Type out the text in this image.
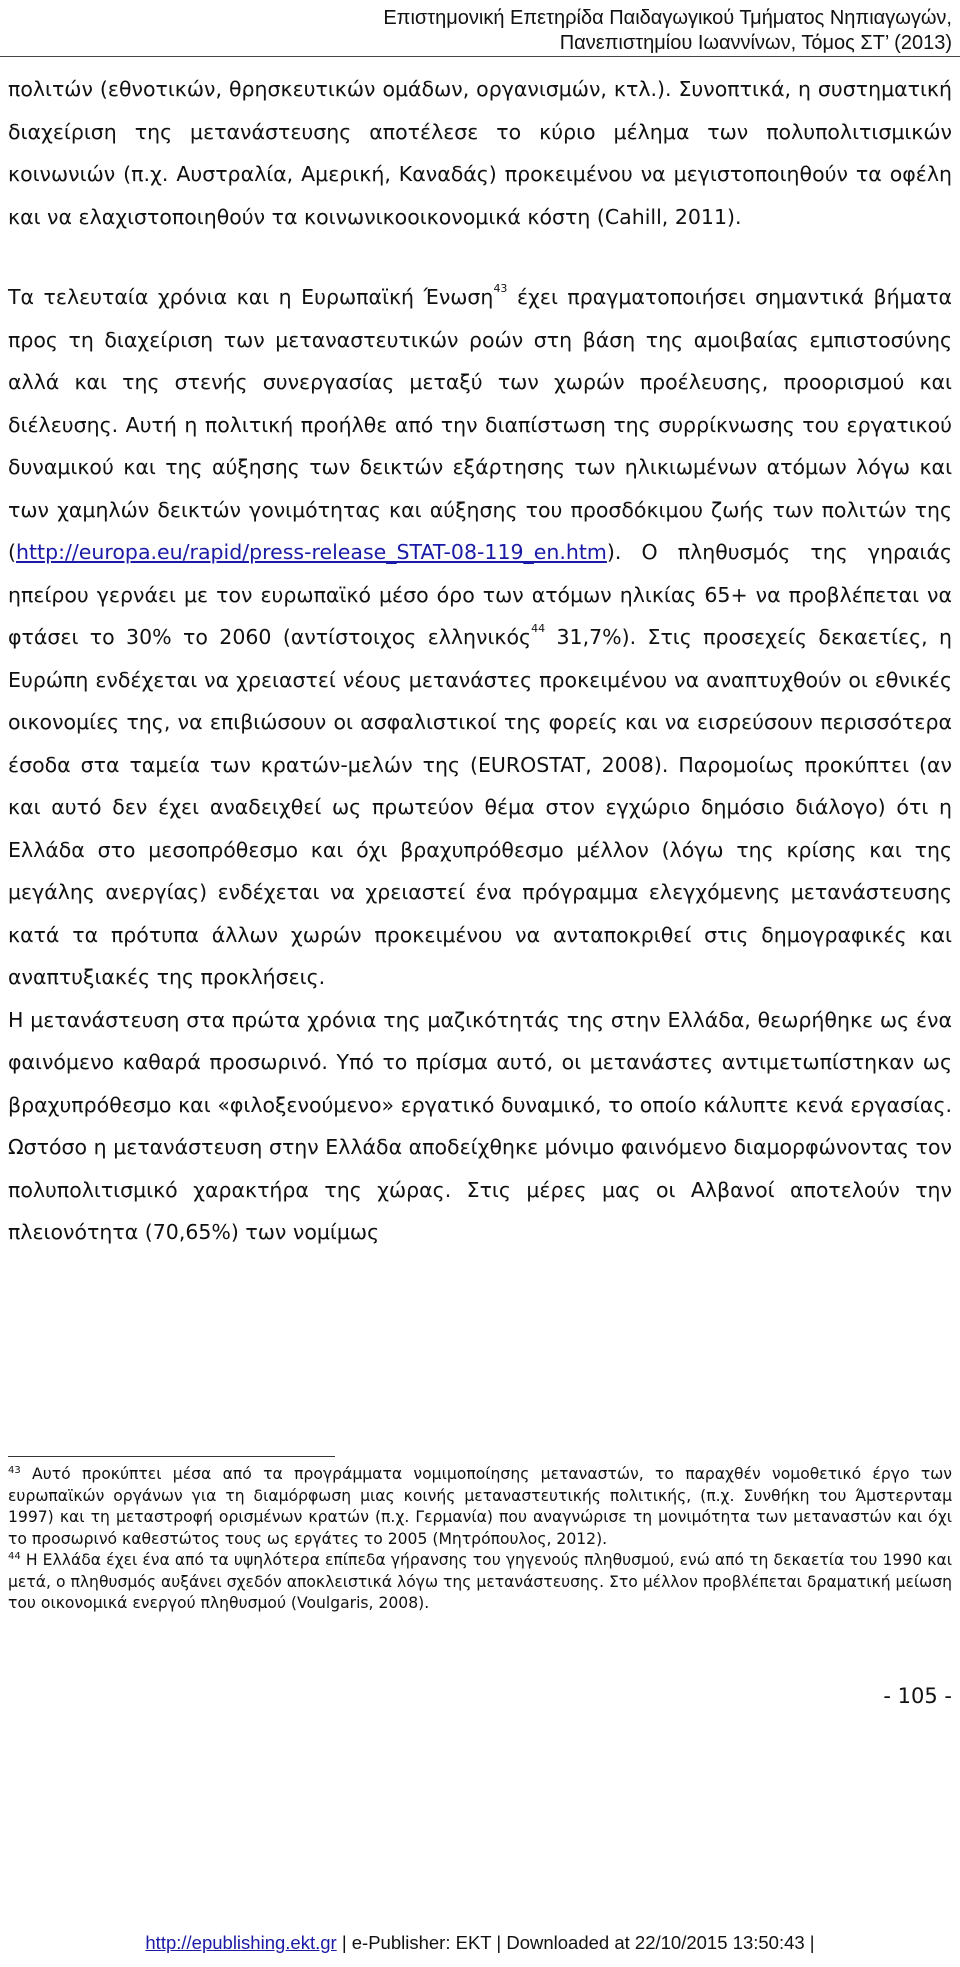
Επιστημονική Επετηρίδα Παιδαγωγικού Τμήματος Νηπιαγωγών,
Πανεπιστημίου Ιωαννίνων, Τόμος ΣΤ’ (2013)

πολιτών (εθνοτικών, θρησκευτικών ομάδων, οργανισμών, κτλ.). Συνοπτικά, η συστηματική διαχείριση της μετανάστευσης αποτέλεσε το κύριο μέλημα των πολυπολιτισμικών κοινωνιών (π.χ. Αυστραλία, Αμερική, Καναδάς) προκειμένου να μεγιστοποιηθούν τα οφέλη και να ελαχιστοποιηθούν τα κοινωνικοοικονομικά κόστη (Cahill, 2011).

Τα τελευταία χρόνια και η Ευρωπαϊκή Ένωση$^{43}$ έχει πραγματοποιήσει σημαντικά βήματα προς τη διαχείριση των μεταναστευτικών ροών στη βάση της αμοιβαίας εμπιστοσύνης αλλά και της στενής συνεργασίας μεταξύ των χωρών προέλευσης, προορισμού και διέλευσης. Αυτή η πολιτική προήλθε από την διαπίστωση της συρρίκνωσης του εργατικού δυναμικού και της αύξησης των δεικτών εξάρτησης των ηλικιωμένων ατόμων λόγω και των χαμηλών δεικτών γονιμότητας και αύξησης του προσδόκιμου ζωής των πολιτών της (http://europa.eu/rapid/press-release_STAT-08-119_en.htm). Ο πληθυσμός της γηραιάς ηπείρου γερνάει με τον ευρωπαϊκό μέσο όρο των ατόμων ηλικίας 65+ να προβλέπεται να φτάσει το 30% το 2060 (αντίστοιχος ελληνικός$^{44}$ 31,7%). Στις προσεχείς δεκαετίες, η Ευρώπη ενδέχεται να χρειαστεί νέους μετανάστες προκειμένου να αναπτυχθούν οι εθνικές οικονομίες της, να επιβιώσουν οι ασφαλιστικοί της φορείς και να εισρεύσουν περισσότερα έσοδα στα ταμεία των κρατών-μελών της (EUROSTAT, 2008). Παρομοίως προκύπτει (αν και αυτό δεν έχει αναδειχθεί ως πρωτεύον θέμα στον εγχώριο δημόσιο διάλογο) ότι η Ελλάδα στο μεσοπρόθεσμο και όχι βραχυπρόθεσμο μέλλον (λόγω της κρίσης και της μεγάλης ανεργίας) ενδέχεται να χρειαστεί ένα πρόγραμμα ελεγχόμενης μετανάστευσης κατά τα πρότυπα άλλων χωρών προκειμένου να ανταποκριθεί στις δημογραφικές και αναπτυξιακές της προκλήσεις.

Η μετανάστευση στα πρώτα χρόνια της μαζικότητάς της στην Ελλάδα, θεωρήθηκε ως ένα φαινόμενο καθαρά προσωρινό. Υπό το πρίσμα αυτό, οι μετανάστες αντιμετωπίστηκαν ως βραχυπρόθεσμο και «φιλοξενούμενο» εργατικό δυναμικό, το οποίο κάλυπτε κενά εργασίας. Ωστόσο η μετανάστευση στην Ελλάδα αποδείχθηκε μόνιμο φαινόμενο διαμορφώνοντας τον πολυπολιτισμικό χαρακτήρα της χώρας. Στις μέρες μας οι Αλβανοί αποτελούν την πλειονότητα (70,65%) των νομίμως

$^{43}$ Αυτό προκύπτει μέσα από τα προγράμματα νομιμοποίησης μεταναστών, το παραχθέν νομοθετικό έργο των ευρωπαϊκών οργάνων για τη διαμόρφωση μιας κοινής μεταναστευτικής πολιτικής, (π.χ. Συνθήκη του Άμστερνταμ 1997) και τη μεταστροφή ορισμένων κρατών (π.χ. Γερμανία) που αναγνώρισε τη μονιμότητα των μεταναστών και όχι το προσωρινό καθεστώτος τους ως εργάτες το 2005 (Μητρόπουλος, 2012).

$^{44}$ Η Ελλάδα έχει ένα από τα υψηλότερα επίπεδα γήρανσης του γηγενούς πληθυσμού, ενώ από τη δεκαετία του 1990 και μετά, ο πληθυσμός αυξάνει σχεδόν αποκλειστικά λόγω της μετανάστευσης. Στο μέλλον προβλέπεται δραματική μείωση του οικονομικά ενεργού πληθυσμού (Voulgaris, 2008).

- 105 -
http://epublishing.ekt.gr | e-Publisher: EKT | Downloaded at 22/10/2015 13:50:43 |
